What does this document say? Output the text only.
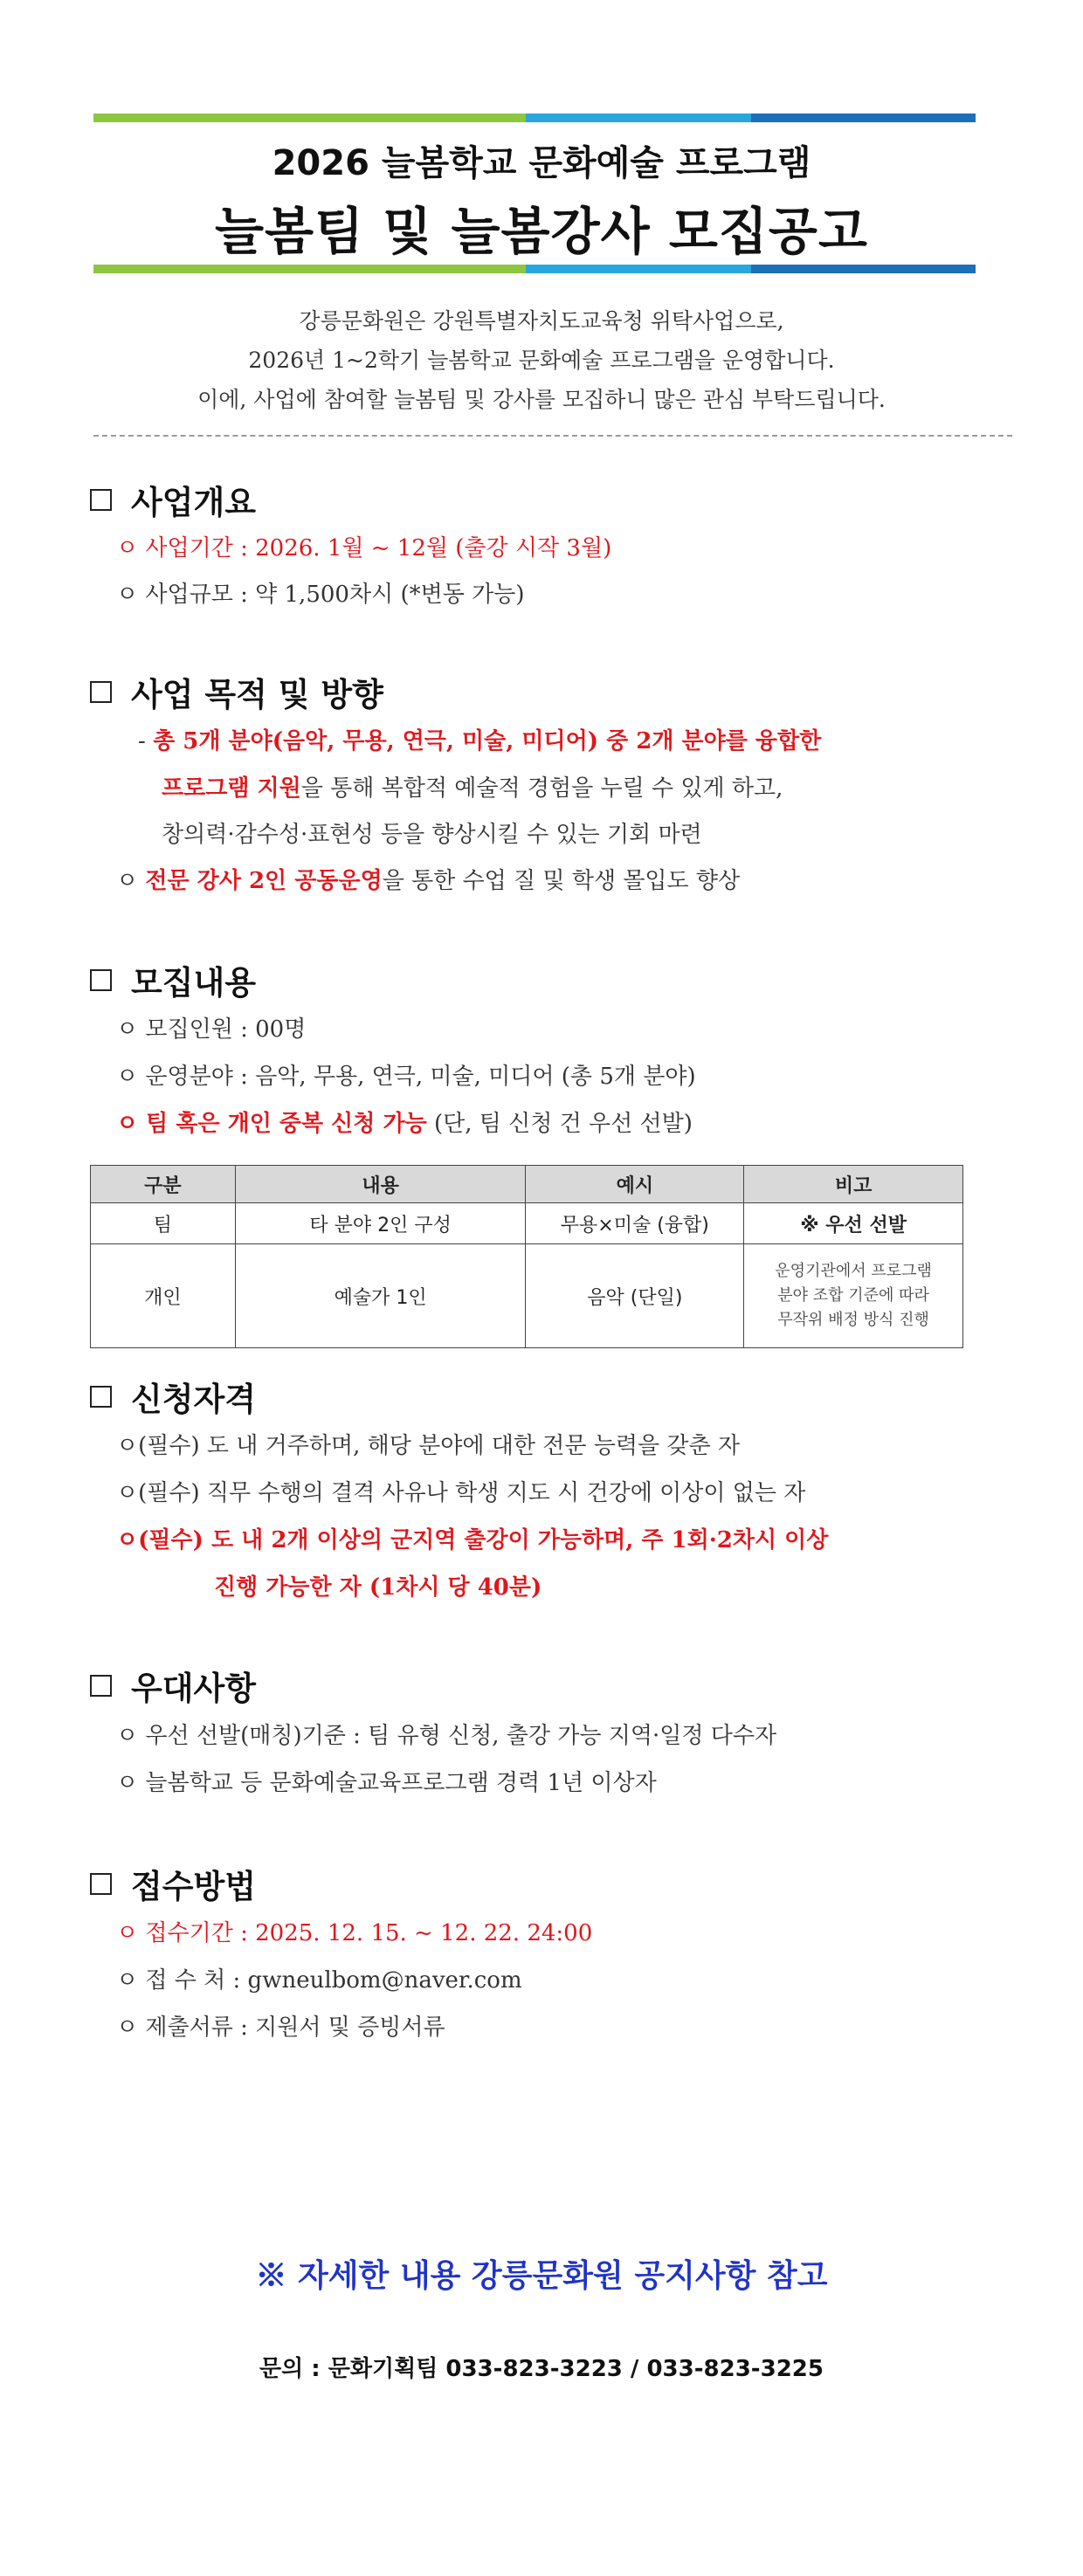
2026 늘봄학교 문화예술 프로그램
늘봄팀 및 늘봄강사 모집공고
강릉문화원은 강원특별자치도교육청 위탁사업으로,
2026년 1~2학기 늘봄학교 문화예술 프로그램을 운영합니다.
이에, 사업에 참여할 늘봄팀 및 강사를 모집하니 많은 관심 부탁드립니다.
사업개요
ㅇ 사업기간 : 2026. 1월 ~ 12월 (출강 시작 3월)
ㅇ 사업규모 : 약 1,500차시 (*변동 가능)
사업 목적 및 방향
- 총 5개 분야(음악, 무용, 연극, 미술, 미디어) 중 2개 분야를 융합한
프로그램 지원을 통해 복합적 예술적 경험을 누릴 수 있게 하고,
창의력·감수성·표현성 등을 향상시킬 수 있는 기회 마련
ㅇ 전문 강사 2인 공동운영을 통한 수업 질 및 학생 몰입도 향상
모집내용
ㅇ 모집인원 : 00명
ㅇ 운영분야 : 음악, 무용, 연극, 미술, 미디어 (총 5개 분야)
ㅇ 팀 혹은 개인 중복 신청 가능 (단, 팀 신청 건 우선 선발)
구분	내용	예시	비고
팀	타 분야 2인 구성	무용×미술 (융합)	※ 우선 선발
개인	예술가 1인	음악 (단일)	운영기관에서 프로그램
분야 조합 기준에 따라
무작위 배정 방식 진행
신청자격
ㅇ(필수) 도 내 거주하며, 해당 분야에 대한 전문 능력을 갖춘 자
ㅇ(필수) 직무 수행의 결격 사유나 학생 지도 시 건강에 이상이 없는 자
ㅇ(필수) 도 내 2개 이상의 군지역 출강이 가능하며, 주 1회·2차시 이상
진행 가능한 자 (1차시 당 40분)
우대사항
ㅇ 우선 선발(매칭)기준 : 팀 유형 신청, 출강 가능 지역·일정 다수자
ㅇ 늘봄학교 등 문화예술교육프로그램 경력 1년 이상자
접수방법
ㅇ 접수기간 : 2025. 12. 15. ~ 12. 22. 24:00
ㅇ 접 수 처 : gwneulbom@naver.com
ㅇ 제출서류 : 지원서 및 증빙서류
※ 자세한 내용 강릉문화원 공지사항 참고
문의 : 문화기획팀 033-823-3223 / 033-823-3225
